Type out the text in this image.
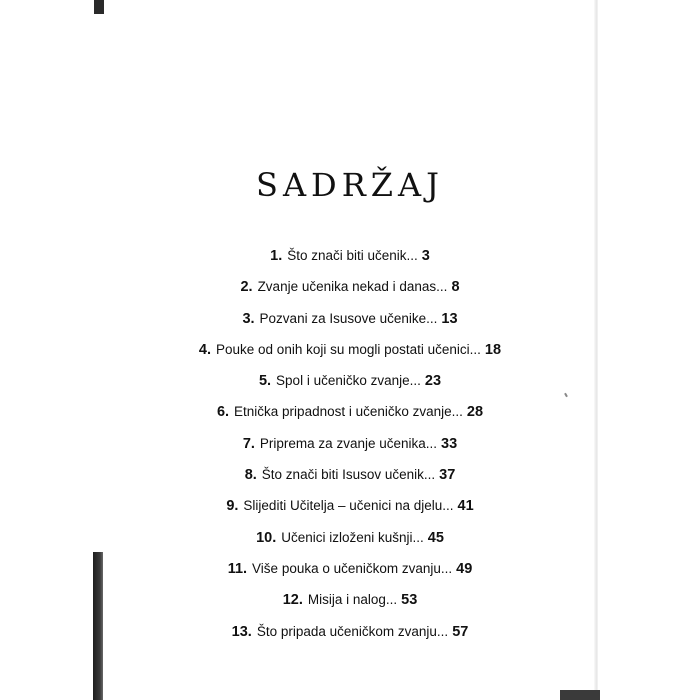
SADRŽAJ
1. Što znači biti učenik... 3
2. Zvanje učenika nekad i danas... 8
3. Pozvani za Isusove učenike... 13
4. Pouke od onih koji su mogli postati učenici... 18
5. Spol i učeničko zvanje... 23
6. Etnička pripadnost i učeničko zvanje... 28
7. Priprema za zvanje učenika... 33
8. Što znači biti Isusov učenik... 37
9. Slijediti Učitelja – učenici na djelu... 41
10. Učenici izloženi kušnji... 45
11. Više pouka o učeničkom zvanju... 49
12. Misija i nalog... 53
13. Što pripada učeničkom zvanju... 57
